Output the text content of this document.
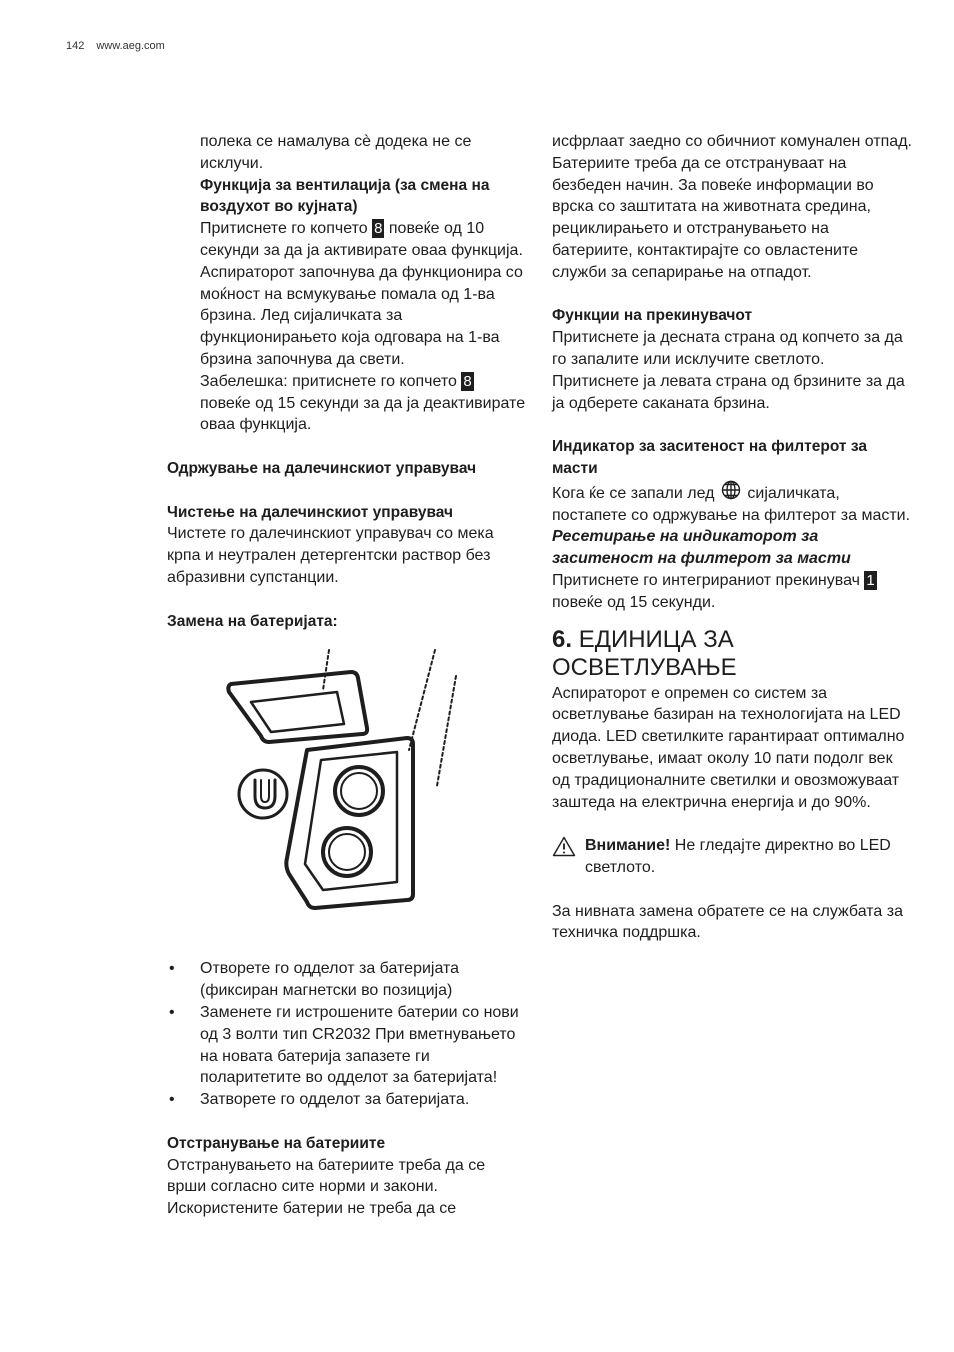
142 www.aeg.com

полека се намалува сè додека не се

исклучи.

Функција за вентилација (за смена на воздухот во кујната)

Притиснете го копчето 8 повеќе од 10 секунди за да ја активирате оваа функција. Аспираторот започнува да функционира со моќност на всмукување помала од 1-ва брзина. Лед сијаличката за функционирањето која одговара на 1-ва брзина започнува да свети.

Забелешка: притиснете го копчето 8 повеќе од 15 секунди за да ја деактивирате оваа функција.

Одржување на далечинскиот управувач

Чистење на далечинскиот управувач

Чистете го далечинскиот управувач со мека крпа и неутрален детергентски раствор без абразивни супстанции.

Замена на батеријата:

• Отворете го одделот за батеријата (фиксиран магнетски во позиција)
• Заменете ги истрошените батерии со нови од 3 волти тип CR2032 При вметнувањето на новата батерија запазете ги поларитетите во одделот за батеријата!
• Затворете го одделот за батеријата.

Отстранување на батериите

Отстранувањето на батериите треба да се врши согласно сите норми и закони. Искористените батерии не треба да се

исфрлаат заедно со обичниот комунален отпад. Батериите треба да се отстрануваат на безбеден начин. За повеќе информации во врска со заштитата на животната средина, рециклирањето и отстранувањето на батериите, контактирајте со овластените служби за сепарирање на отпадот.

Функции на прекинувачот

Притиснете ја десната страна од копчето за да го запалите или исклучите светлото. Притиснете ја левата страна од брзините за да ја одберете саканата брзина.

Индикатор за заситеност на филтерот за масти

Кога ќе се запали лед сијаличката, постапете со одржување на филтерот за масти.

Ресетирање на индикаторот за заситеност на филтерот за масти

Притиснете го интегрираниот прекинувач 1 повеќе од 15 секунди.

6. ЕДИНИЦА ЗА ОСВЕТЛУВАЊЕ

Аспираторот е опремен со систем за осветлување базиран на технологијата на LED диода. LED светилките гарантираат оптимално осветлување, имаат околу 10 пати подолг век од традиционалните светилки и овозможуваат заштеда на електрична енергија и до 90%.

Внимание! Не гледајте директно во LED светлото.

За нивната замена обратете се на службата за техничка поддршка.
